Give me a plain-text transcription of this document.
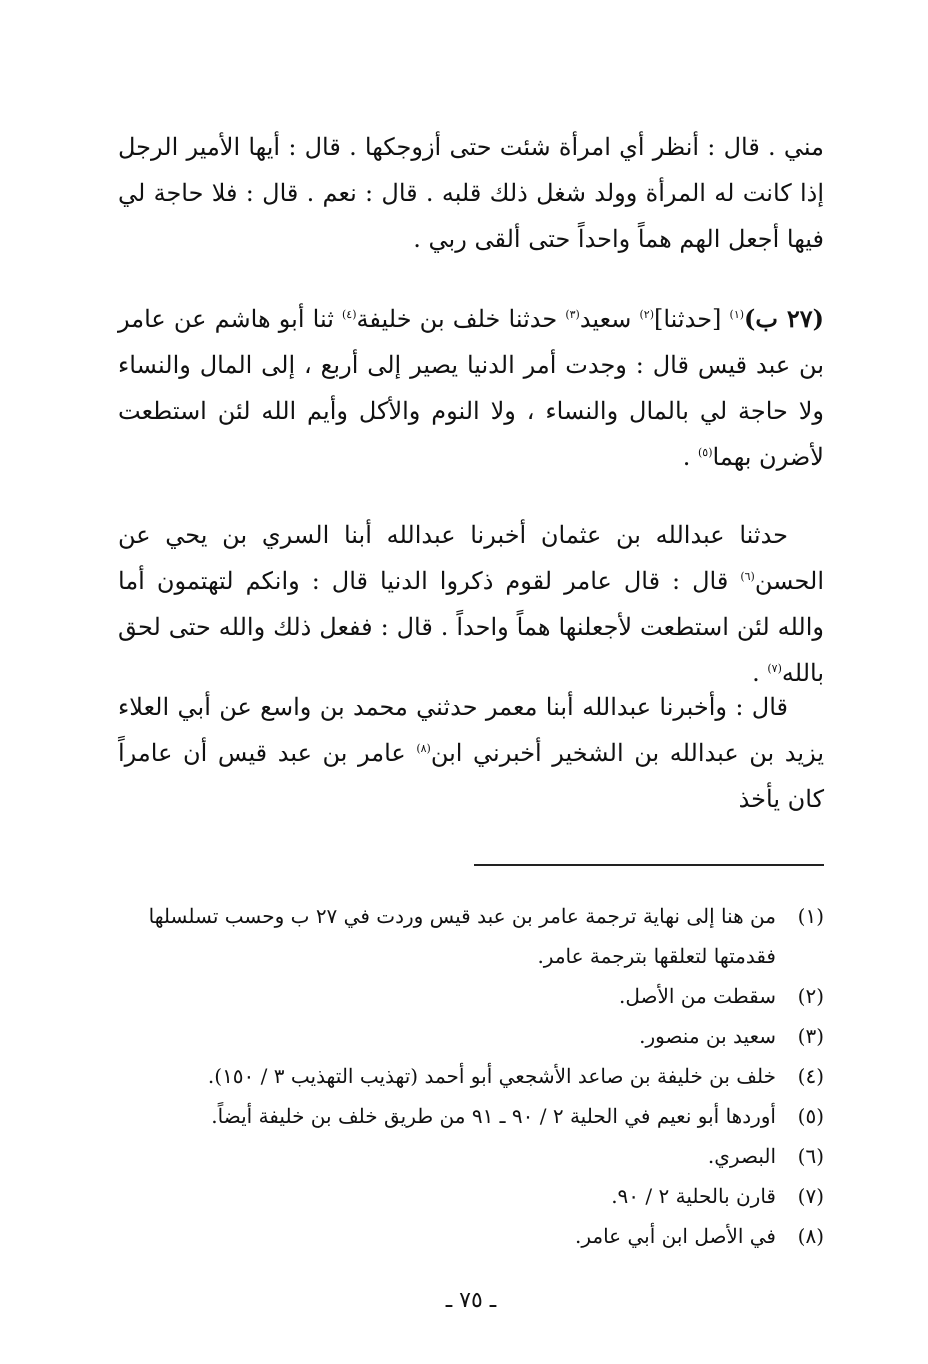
مني . قال : أنظر أي امرأة شئت حتى أزوجكها . قال : أيها الأمير الرجل إذا كانت له المرأة وولد شغل ذلك قلبه . قال : نعم . قال : فلا حاجة لي فيها أجعل الهم هماً واحداً حتى ألقى ربي .

(٢٧ ب)$^{(١)}$ [حدثنا]$^{(٢)}$ سعيد$^{(٣)}$ حدثنا خلف بن خليفة$^{(٤)}$ ثنا أبو هاشم عن عامر بن عبد قيس قال : وجدت أمر الدنيا يصير إلى أربع ، إلى المال والنساء ولا حاجة لي بالمال والنساء ، ولا النوم والأكل وأيم الله لئن استطعت لأضرن بهما$^{(٥)}$ .

حدثنا عبدالله بن عثمان أخبرنا عبدالله أبنا السري بن يحي عن الحسن$^{(٦)}$ قال : قال عامر لقوم ذكروا الدنيا قال : وانكم لتهتمون أما والله لئن استطعت لأجعلنها هماً واحداً . قال : ففعل ذلك والله حتى لحق بالله$^{(٧)}$ .

قال : وأخبرنا عبدالله أبنا معمر حدثني محمد بن واسع عن أبي العلاء يزيد بن عبدالله بن الشخير أخبرني ابن$^{(٨)}$ عامر بن عبد قيس أن عامراً كان يأخذ

(١)
من هنا إلى نهاية ترجمة عامر بن عبد قيس وردت في ٢٧ ب وحسب تسلسلها فقدمتها لتعلقها بترجمة عامر.
(٢)
سقطت من الأصل.
(٣)
سعيد بن منصور.
(٤)
خلف بن خليفة بن صاعد الأشجعي أبو أحمد (تهذيب التهذيب ٣ / ١٥٠).
(٥)
أوردها أبو نعيم في الحلية ٢ / ٩٠ ـ ٩١ من طريق خلف بن خليفة أيضاً.
(٦)
البصري.
(٧)
قارن بالحلية ٢ / ٩٠.
(٨)
في الأصل ابن أبي عامر.
ـ ٧٥ ـ
